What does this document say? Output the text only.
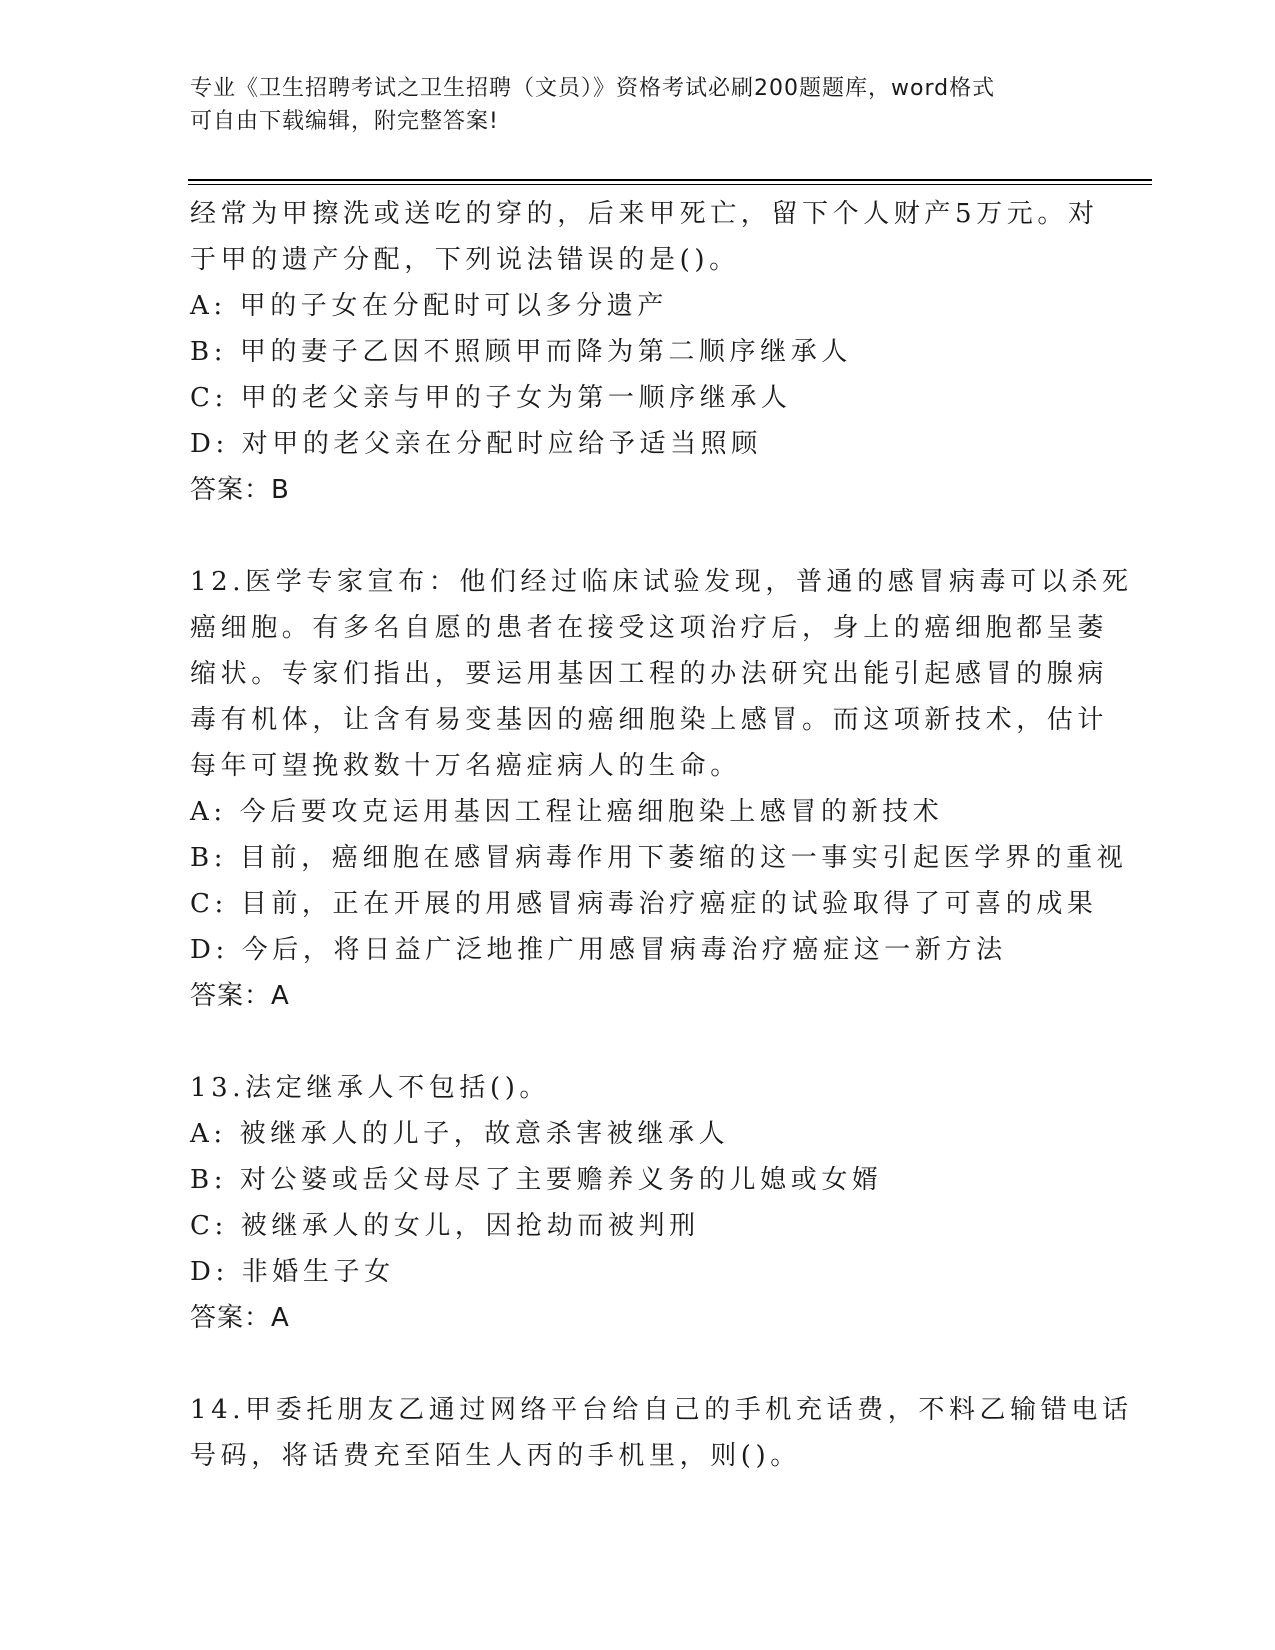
专业《卫生招聘考试之卫生招聘（文员）》资格考试必刷200题题库，word格式
可自由下载编辑，附完整答案!
经常为甲擦洗或送吃的穿的，后来甲死亡，留下个人财产5万元。对
于甲的遗产分配，下列说法错误的是()。
A: 甲的子女在分配时可以多分遗产
B: 甲的妻子乙因不照顾甲而降为第二顺序继承人
C: 甲的老父亲与甲的子女为第一顺序继承人
D: 对甲的老父亲在分配时应给予适当照顾
答案：B
12.医学专家宣布：他们经过临床试验发现，普通的感冒病毒可以杀死
癌细胞。有多名自愿的患者在接受这项治疗后，身上的癌细胞都呈萎
缩状。专家们指出，要运用基因工程的办法研究出能引起感冒的腺病
毒有机体，让含有易变基因的癌细胞染上感冒。而这项新技术，估计
每年可望挽救数十万名癌症病人的生命。
A: 今后要攻克运用基因工程让癌细胞染上感冒的新技术
B: 目前，癌细胞在感冒病毒作用下萎缩的这一事实引起医学界的重视
C: 目前，正在开展的用感冒病毒治疗癌症的试验取得了可喜的成果
D: 今后，将日益广泛地推广用感冒病毒治疗癌症这一新方法
答案：A
13.法定继承人不包括()。
A: 被继承人的儿子，故意杀害被继承人
B: 对公婆或岳父母尽了主要赡养义务的儿媳或女婿
C: 被继承人的女儿，因抢劫而被判刑
D: 非婚生子女
答案：A
14.甲委托朋友乙通过网络平台给自己的手机充话费，不料乙输错电话
号码，将话费充至陌生人丙的手机里，则()。
